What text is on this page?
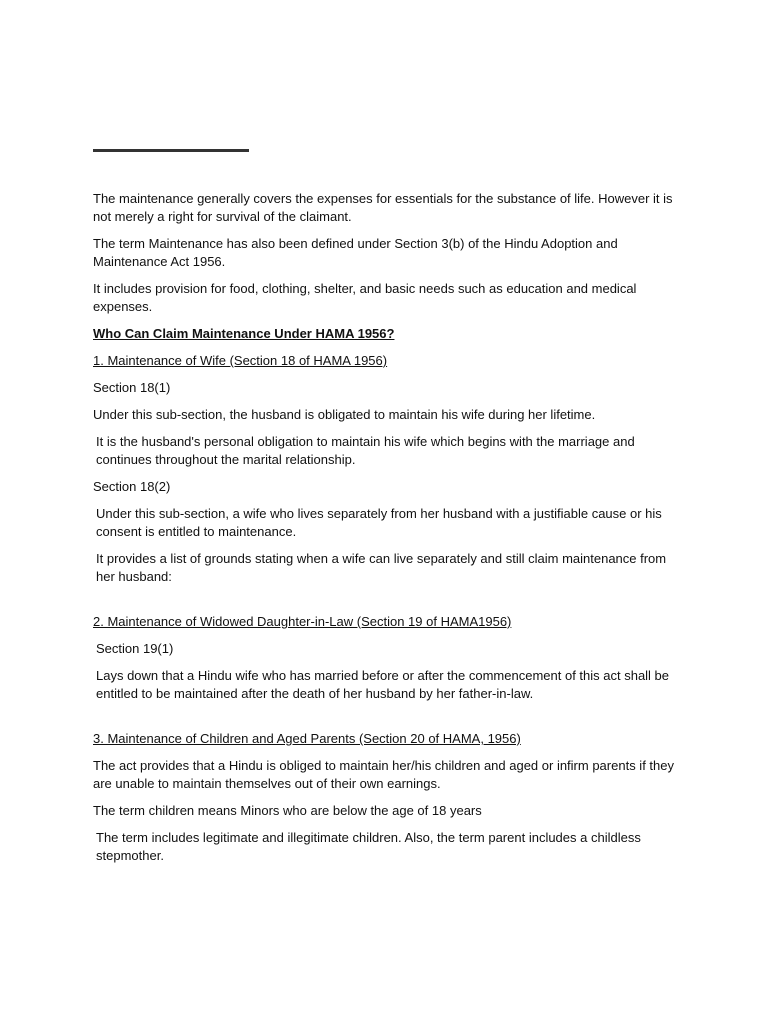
The maintenance generally covers the expenses for essentials for the substance of life. However it is not merely a right for survival of the claimant.

The term Maintenance has also been defined under Section 3(b) of the Hindu Adoption and Maintenance Act 1956.

It includes provision for food, clothing, shelter, and basic needs such as education and medical expenses.

Who Can Claim Maintenance Under HAMA 1956?

1. Maintenance of Wife (Section 18 of HAMA 1956)

Section 18(1)

Under this sub-section, the husband is obligated to maintain his wife during her lifetime.

It is the husband's personal obligation to maintain his wife which begins with the marriage and continues throughout the marital relationship.

Section 18(2)

Under this sub-section, a wife who lives separately from her husband with a justifiable cause or his consent is entitled to maintenance.

It provides a list of grounds stating when a wife can live separately and still claim maintenance from her husband:

2. Maintenance of Widowed Daughter-in-Law (Section 19 of HAMA1956)

Section 19(1)

Lays down that a Hindu wife who has married before or after the commencement of this act shall be entitled to be maintained after the death of her husband by her father-in-law.

3. Maintenance of Children and Aged Parents (Section 20 of HAMA, 1956)

The act provides that a Hindu is obliged to maintain her/his children and aged or infirm parents if they are unable to maintain themselves out of their own earnings.

The term children means Minors who are below the age of 18 years

The term includes legitimate and illegitimate children. Also, the term parent includes a childless stepmother.
